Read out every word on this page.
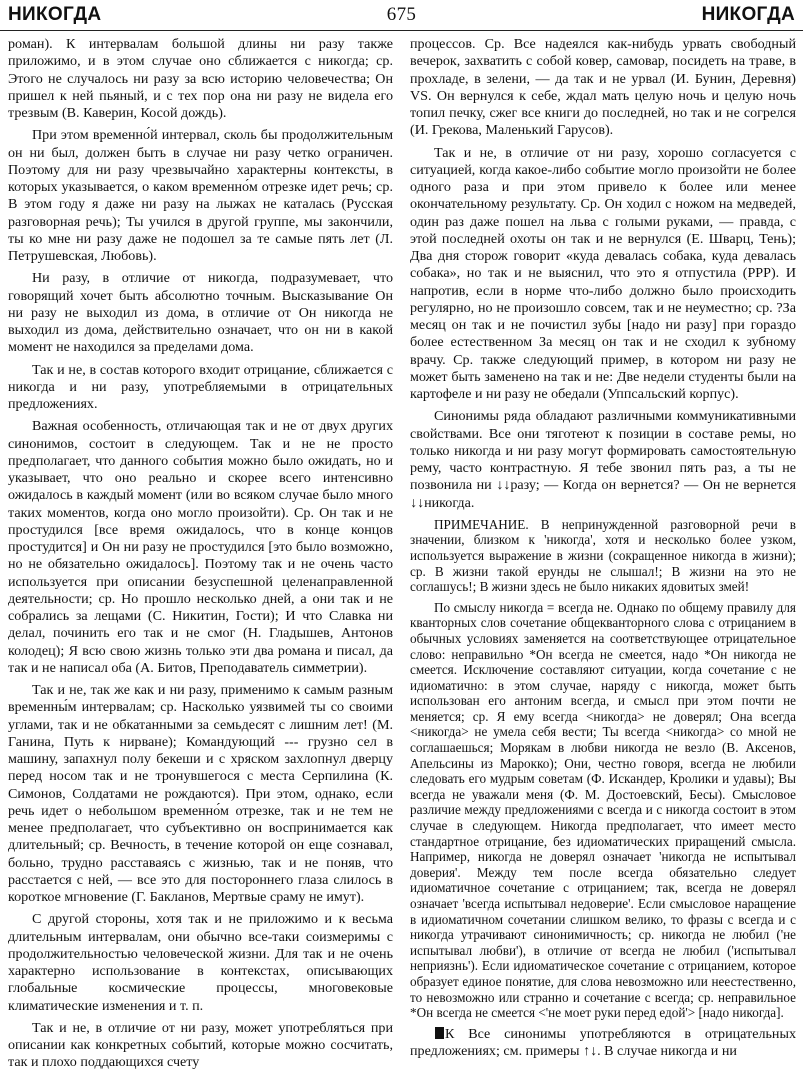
НИКОГДА	675	НИКОГДА

роман). К интервалам большой длины ни разу также приложимо, и в этом случае оно сближается с никогда; ср. Этого не случалось ни разу за всю историю человечества; Он пришел к ней пьяный, и с тех пор она ни разу не видела его трезвым (В. Каверин, Косой дождь).

При этом временно́й интервал, сколь бы продолжительным он ни был, должен быть в случае ни разу четко ограничен. Поэтому для ни разу чрезвычайно характерны контексты, в которых указывается, о каком временно́м отрезке идет речь; ср. В этом году я даже ни разу на лыжах не каталась (Русская разговорная речь); Ты учился в другой группе, мы закончили, ты ко мне ни разу даже не подошел за те самые пять лет (Л. Петрушевская, Любовь).

Ни разу, в отличие от никогда, подразумевает, что говорящий хочет быть абсолютно точным. Высказывание Он ни разу не выходил из дома, в отличие от Он никогда не выходил из дома, действительно означает, что он ни в какой момент не находился за пределами дома.

Так и не, в состав которого входит отрицание, сближается с никогда и ни разу, употребляемыми в отрицательных предложениях.

Важная особенность, отличающая так и не от двух других синонимов, состоит в следующем. Так и не не просто предполагает, что данного события можно было ожидать, но и указывает, что оно реально и скорее всего интенсивно ожидалось в каждый момент (или во всяком случае было много таких моментов, когда оно могло произойти). Ср. Он так и не простудился [все время ожидалось, что в конце концов простудится] и Он ни разу не простудился [это было возможно, но не обязательно ожидалось]. Поэтому так и не очень часто используется при описании безуспешной целенаправленной деятельности; ср. Но прошло несколько дней, а они так и не собрались за лещами (С. Никитин, Гости); И что Славка ни делал, починить его так и не смог (Н. Гладышев, Антонов колодец); Я всю свою жизнь только эти два романа и писал, да так и не написал оба (А. Битов, Преподаватель симметрии).

Так и не, так же как и ни разу, применимо к самым разным временны́м интервалам; ср. Насколько уязвимей ты со своими углами, так и не обкатанными за семьдесят с лишним лет! (М. Ганина, Путь к нирване); Командующий --- грузно сел в машину, запахнул полу бекеши и с хряском захлопнул дверцу перед носом так и не тронувшегося с места Серпилина (К. Симонов, Солдатами не рождаются). При этом, однако, если речь идет о небольшом временно́м отрезке, так и не тем не менее предполагает, что субъективно он воспринимается как длительный; ср. Вечность, в течение которой он еще сознавал, больно, трудно расставаясь с жизнью, так и не поняв, что расстается с ней, — все это для постороннего глаза слилось в короткое мгновение (Г. Бакланов, Мертвые сраму не имут).

С другой стороны, хотя так и не приложимо и к весьма длительным интервалам, они обычно все-таки соизмеримы с продолжительностью человеческой жизни. Для так и не очень характерно использование в контекстах, описывающих глобальные космические процессы, многовековые климатические изменения и т. п.

Так и не, в отличие от ни разу, может употребляться при описании как конкретных событий, которые можно сосчитать, так и плохо поддающихся счету

процессов. Ср. Все надеялся как-нибудь урвать свободный вечерок, захватить с собой ковер, самовар, посидеть на траве, в прохладе, в зелени, — да так и не урвал (И. Бунин, Деревня) VS. Он вернулся к себе, ждал мать целую ночь и целую ночь топил печку, сжег все книги до последней, но так и не согрелся (И. Грекова, Маленький Гарусов).

Так и не, в отличие от ни разу, хорошо согласуется с ситуацией, когда какое-либо событие могло произойти не более одного раза и при этом привело к более или менее окончательному результату. Ср. Он ходил с ножом на медведей, один раз даже пошел на льва с голыми руками, — правда, с этой последней охоты он так и не вернулся (Е. Шварц, Тень); Два дня сторож говорит «куда девалась собака, куда девалась собака», но так и не выяснил, что это я отпустила (РРР). И напротив, если в норме что-либо должно было происходить регулярно, но не произошло совсем, так и не неуместно; ср. ?За месяц он так и не почистил зубы [надо ни разу] при гораздо более естественном За месяц он так и не сходил к зубному врачу. Ср. также следующий пример, в котором ни разу не может быть заменено на так и не: Две недели студенты были на картофеле и ни разу не обедали (Уппсальский корпус).

Синонимы ряда обладают различными коммуникативными свойствами. Все они тяготеют к позиции в составе ремы, но только никогда и ни разу могут формировать самостоятельную рему, часто контрастную. Я тебе звонил пять раз, а ты не позвонила ни ↓↓разу; — Когда он вернется? — Он не вернется ↓↓никогда.

ПРИМЕЧАНИЕ. В непринужденной разговорной речи в значении, близком к 'никогда', хотя и несколько более узком, используется выражение в жизни (сокращенное никогда в жизни); ср. В жизни такой ерунды не слышал!; В жизни на это не соглашусь!; В жизни здесь не было никаких ядовитых змей!

По смыслу никогда = всегда не. Однако по общему правилу для кванторных слов сочетание общекванторного слова с отрицанием в обычных условиях заменяется на соответствующее отрицательное слово: неправильно *Он всегда не смеется, надо *Он никогда не смеется. Исключение составляют ситуации, когда сочетание с не идиоматично: в этом случае, наряду с никогда, может быть использован его антоним всегда, и смысл при этом почти не меняется; ср. Я ему всегда <никогда> не доверял; Она всегда <никогда> не умела себя вести; Ты всегда <никогда> со мной не соглашаешься; Морякам в любви никогда не везло (В. Аксенов, Апельсины из Марокко); Они, честно говоря, всегда не любили следовать его мудрым советам (Ф. Искандер, Кролики и удавы); Вы всегда не уважали меня (Ф. М. Достоевский, Бесы). Смысловое различие между предложениями с всегда и с никогда состоит в этом случае в следующем. Никогда предполагает, что имеет место стандартное отрицание, без идиоматических приращений смысла. Например, никогда не доверял означает 'никогда не испытывал доверия'. Между тем после всегда обязательно следует идиоматичное сочетание с отрицанием; так, всегда не доверял означает 'всегда испытывал недоверие'. Если смысловое наращение в идиоматичном сочетании слишком велико, то фразы с всегда и с никогда утрачивают синонимичность; ср. никогда не любил ('не испытывал любви'), в отличие от всегда не любил ('испытывал неприязнь'). Если идиоматическое сочетание с отрицанием, которое образует единое понятие, для слова невозможно или неестественно, то невозможно или странно и сочетание с всегда; ср. неправильное *Он всегда не смеется <'не моет руки перед едой'> [надо никогда].

К Все синонимы употребляются в отрицательных предложениях; см. примеры ↑↓. В случае никогда и ни
